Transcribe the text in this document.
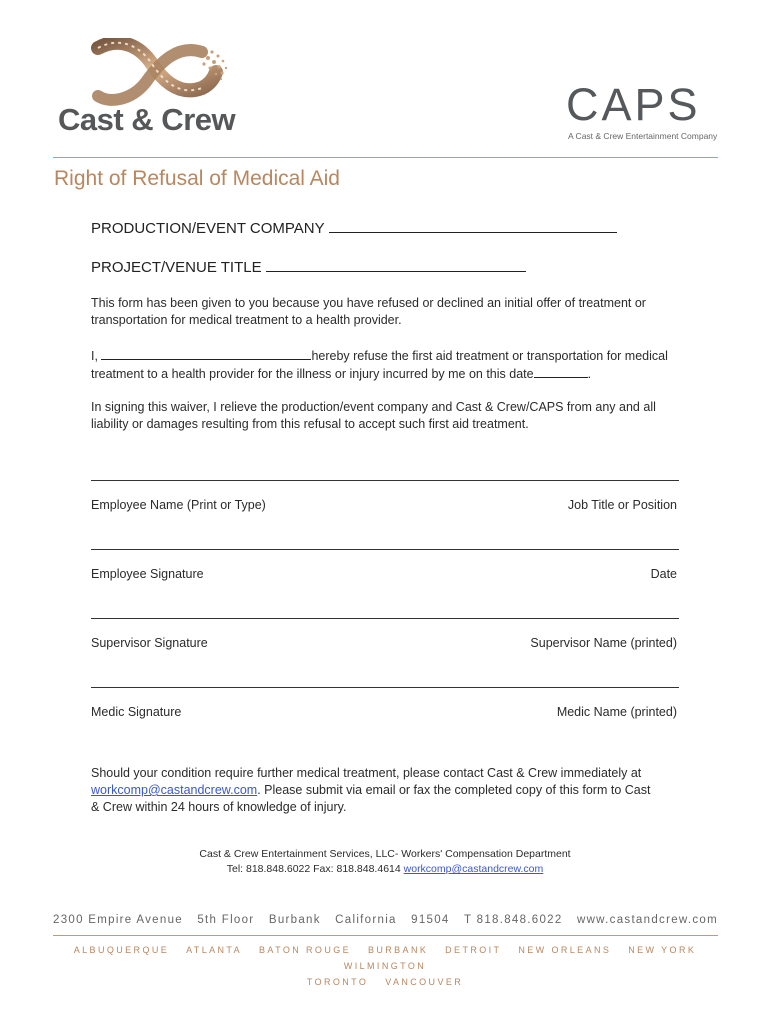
Cast & Crew	CAPS
A Cast & Crew Entertainment Company
Right of Refusal of Medical Aid
PRODUCTION/EVENT COMPANY
PROJECT/VENUE TITLE
This form has been given to you because you have refused or declined an initial offer of treatment or transportation for medical treatment to a health provider.
I,	hereby refuse the first aid treatment or transportation for medical treatment to a health provider for the illness or injury incurred by me on this date	.
In signing this waiver, I relieve the production/event company and Cast & Crew/CAPS from any and all liability or damages resulting from this refusal to accept such first aid treatment.
Employee Name (Print or Type)	Job Title or Position
Employee Signature	Date
Supervisor Signature	Supervisor Name (printed)
Medic Signature	Medic Name (printed)
Should your condition require further medical treatment, please contact Cast & Crew immediately at workcomp@castandcrew.com. Please submit via email or fax the completed copy of this form to Cast & Crew within 24 hours of knowledge of injury.
Cast & Crew Entertainment Services, LLC- Workers' Compensation Department
Tel: 818.848.6022 Fax: 818.848.4614 workcomp@castandcrew.com
2300 Empire Avenue 5th Floor Burbank California 91504 T 818.848.6022 www.castandcrew.com
ALBUQUERQUE ATLANTA BATON ROUGE BURBANK DETROIT NEW ORLEANS NEW YORK WILMINGTON
TORONTO VANCOUVER
